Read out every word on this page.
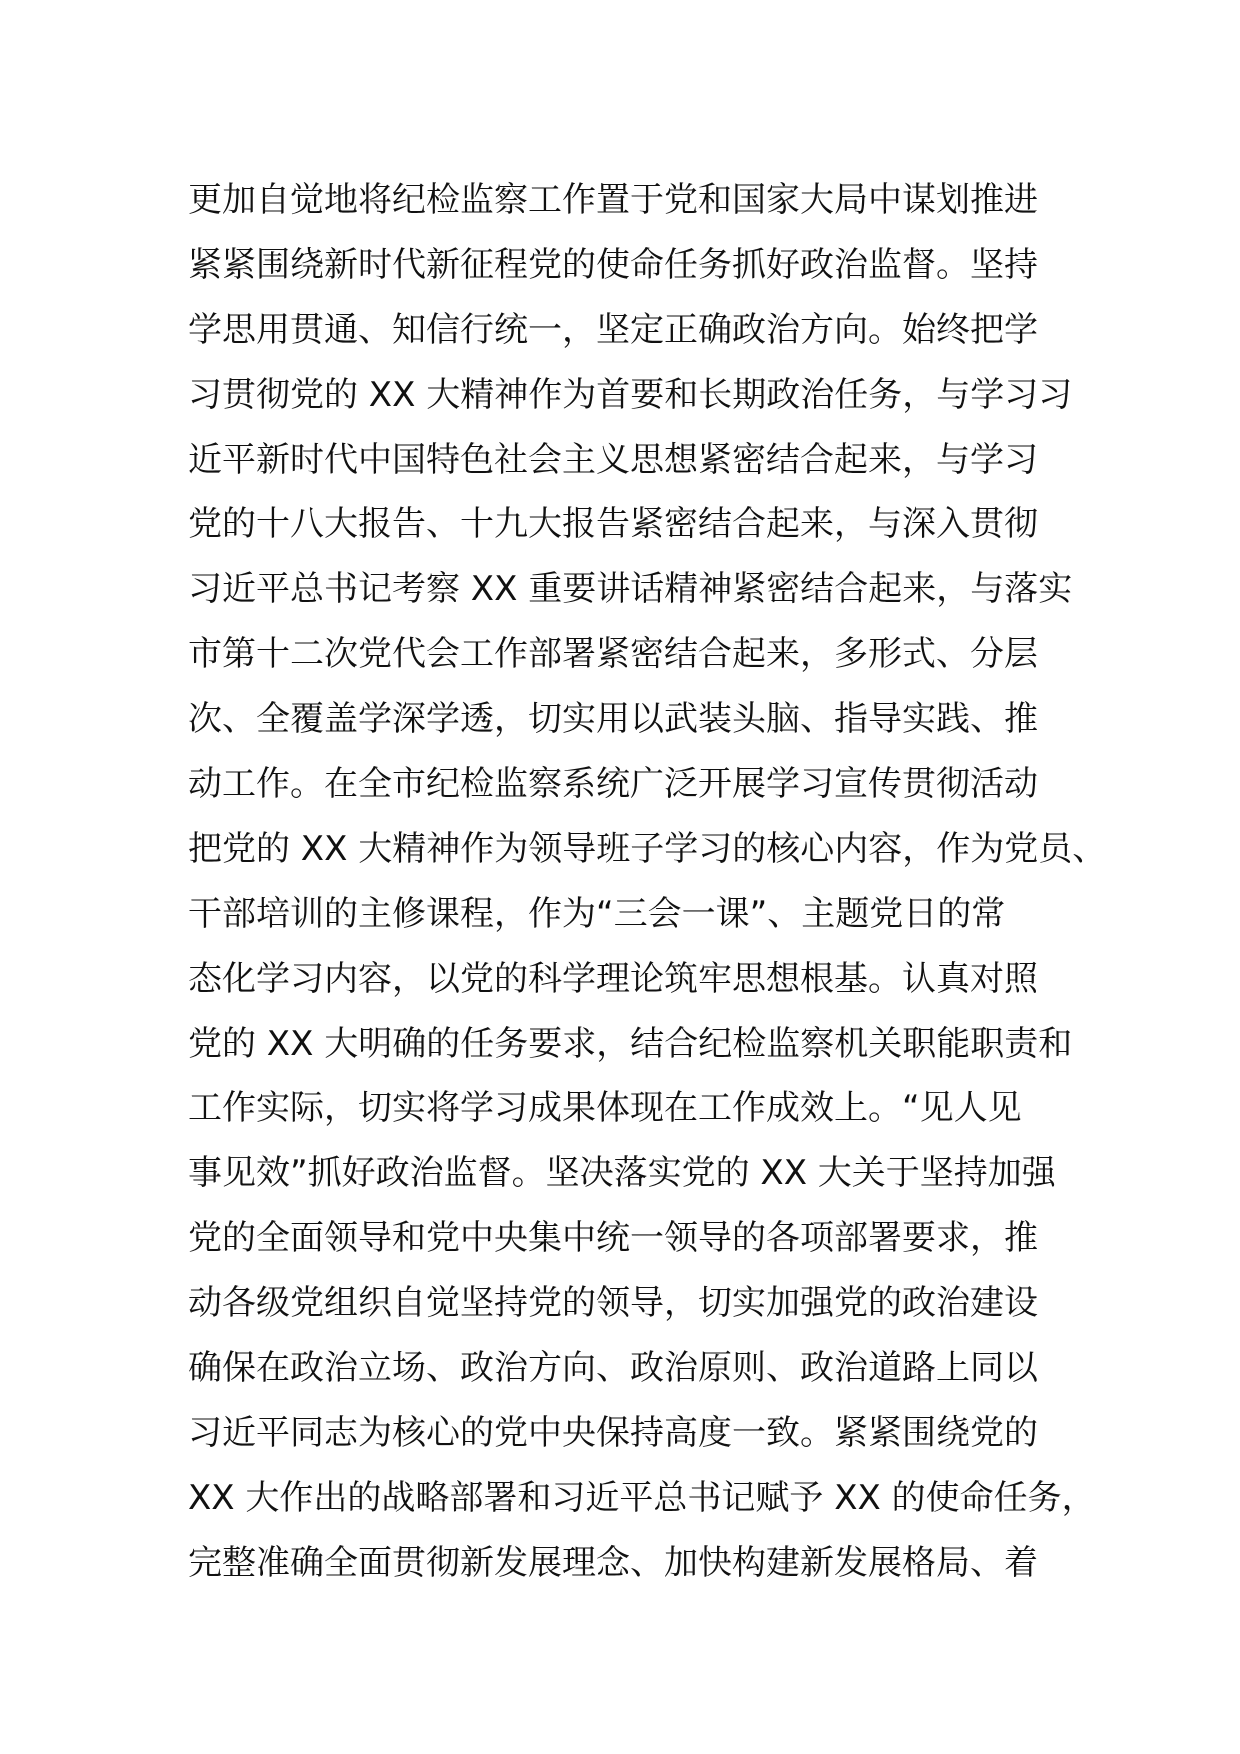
更加自觉地将纪检监察工作置于党和国家大局中谋划推进
紧紧围绕新时代新征程党的使命任务抓好政治监督。坚持
学思用贯通、知信行统一，坚定正确政治方向。始终把学
习贯彻党的 XX 大精神作为首要和长期政治任务，与学习习
近平新时代中国特色社会主义思想紧密结合起来，与学习
党的十八大报告、十九大报告紧密结合起来，与深入贯彻
习近平总书记考察 XX 重要讲话精神紧密结合起来，与落实
市第十二次党代会工作部署紧密结合起来，多形式、分层
次、全覆盖学深学透，切实用以武装头脑、指导实践、推
动工作。在全市纪检监察系统广泛开展学习宣传贯彻活动
把党的 XX 大精神作为领导班子学习的核心内容，作为党员、
干部培训的主修课程，作为“三会一课”、主题党日的常
态化学习内容，以党的科学理论筑牢思想根基。认真对照
党的 XX 大明确的任务要求，结合纪检监察机关职能职责和
工作实际，切实将学习成果体现在工作成效上。“见人见
事见效”抓好政治监督。坚决落实党的 XX 大关于坚持加强
党的全面领导和党中央集中统一领导的各项部署要求，推
动各级党组织自觉坚持党的领导，切实加强党的政治建设
确保在政治立场、政治方向、政治原则、政治道路上同以
习近平同志为核心的党中央保持高度一致。紧紧围绕党的
XX 大作出的战略部署和习近平总书记赋予 XX 的使命任务，
完整准确全面贯彻新发展理念、加快构建新发展格局、着
